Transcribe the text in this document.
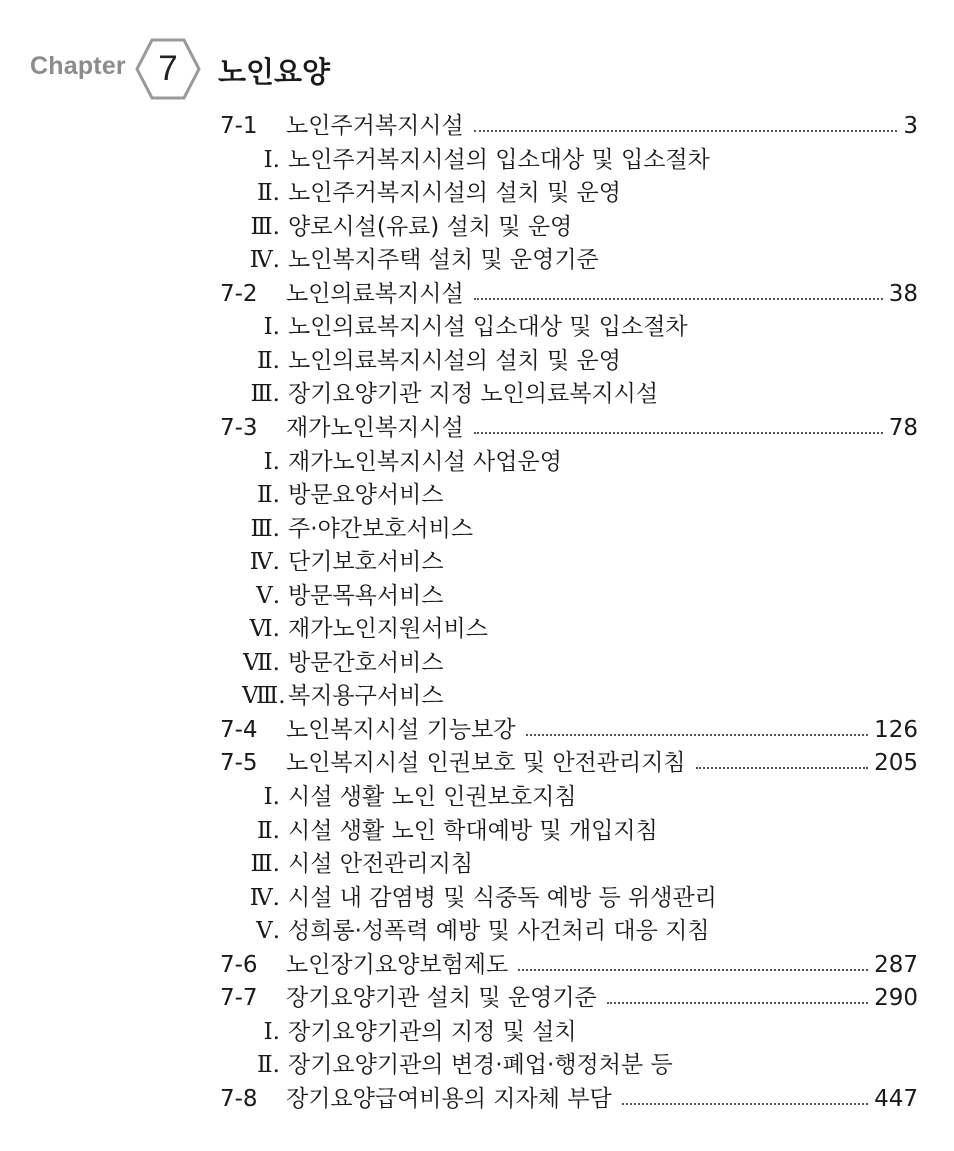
Chapter 7	노인요양
7-1 노인주거복지시설	3
Ⅰ. 노인주거복지시설의 입소대상 및 입소절차
Ⅱ. 노인주거복지시설의 설치 및 운영
Ⅲ. 양로시설(유료) 설치 및 운영
Ⅳ. 노인복지주택 설치 및 운영기준
7-2 노인의료복지시설	38
Ⅰ. 노인의료복지시설 입소대상 및 입소절차
Ⅱ. 노인의료복지시설의 설치 및 운영
Ⅲ. 장기요양기관 지정 노인의료복지시설
7-3 재가노인복지시설	78
Ⅰ. 재가노인복지시설 사업운영
Ⅱ. 방문요양서비스
Ⅲ. 주·야간보호서비스
Ⅳ. 단기보호서비스
Ⅴ. 방문목욕서비스
Ⅵ. 재가노인지원서비스
Ⅶ. 방문간호서비스
Ⅷ. 복지용구서비스
7-4 노인복지시설 기능보강	126
7-5 노인복지시설 인권보호 및 안전관리지침	205
Ⅰ. 시설 생활 노인 인권보호지침
Ⅱ. 시설 생활 노인 학대예방 및 개입지침
Ⅲ. 시설 안전관리지침
Ⅳ. 시설 내 감염병 및 식중독 예방 등 위생관리
Ⅴ. 성희롱·성폭력 예방 및 사건처리 대응 지침
7-6 노인장기요양보험제도	287
7-7 장기요양기관 설치 및 운영기준	290
Ⅰ. 장기요양기관의 지정 및 설치
Ⅱ. 장기요양기관의 변경·폐업·행정처분 등
7-8 장기요양급여비용의 지자체 부담	447
